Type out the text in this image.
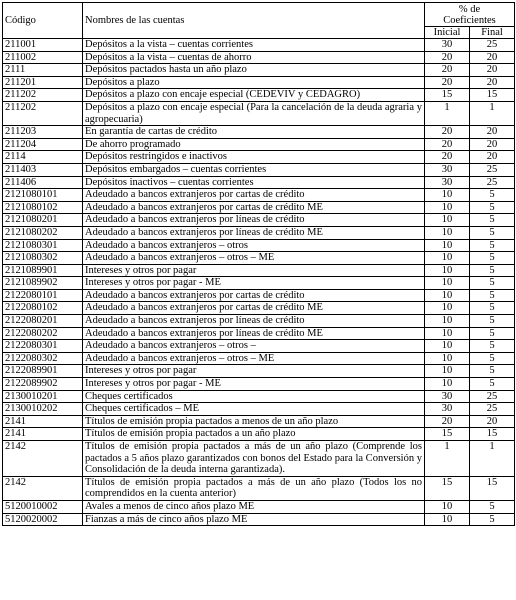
Código	Nombres de las cuentas	% de
Coeficientes	

		Inicial	Final
211001	Depósitos a la vista – cuentas corrientes	30	25
211002	Depósitos a la vista – cuentas de ahorro	20	20
2111	Depósitos pactados hasta un año plazo	20	20
211201	Depósitos a plazo	20	20
211202	Depósitos a plazo con encaje especial (CEDEVIV y CEDAGRO)	15	15
211202	Depósitos a plazo con encaje especial (Para la cancelación de la deuda agraria y agropecuaria)	1	1
211203	En garantía de cartas de crédito	20	20
211204	De ahorro programado	20	20
2114	Depósitos restringidos e inactivos	20	20
211403	Depósitos embargados – cuentas corrientes	30	25
211406	Depósitos inactivos – cuentas corrientes	30	25
2121080101	Adeudado a bancos extranjeros por cartas de crédito	10	5
2121080102	Adeudado a bancos extranjeros por cartas de crédito ME	10	5
2121080201	Adeudado a bancos extranjeros por líneas de crédito	10	5
2121080202	Adeudado a bancos extranjeros por líneas de crédito ME	10	5
2121080301	Adeudado a bancos extranjeros – otros	10	5
2121080302	Adeudado a bancos extranjeros – otros – ME	10	5
2121089901	Intereses y otros por pagar	10	5
2121089902	Intereses y otros por pagar - ME	10	5
2122080101	Adeudado a bancos extranjeros por cartas de crédito	10	5
2122080102	Adeudado a bancos extranjeros por cartas de crédito ME	10	5
2122080201	Adeudado a bancos extranjeros por líneas de crédito	10	5
2122080202	Adeudado a bancos extranjeros por líneas de crédito ME	10	5
2122080301	Adeudado a bancos extranjeros – otros –	10	5
2122080302	Adeudado a bancos extranjeros – otros – ME	10	5
2122089901	Intereses y otros por pagar	10	5
2122089902	Intereses y otros por pagar - ME	10	5
2130010201	Cheques certificados	30	25
2130010202	Cheques certificados – ME	30	25
2141	Títulos de emisión propia pactados a menos de un año plazo	20	20
2141	Títulos de emisión propia pactados a un año plazo	15	15
2142	Títulos de emisión propia pactados a más de un año plazo (Comprende los pactados a 5 años plazo garantizados con bonos del Estado para la Conversión y Consolidación de la deuda interna garantizada).	1	1
2142	Títulos de emisión propia pactados a más de un año plazo (Todos los no comprendidos en la cuenta anterior)	15	15
5120010002	Avales a menos de cinco años plazo ME	10	5
5120020002	Fianzas a más de cinco años plazo ME	10	5
